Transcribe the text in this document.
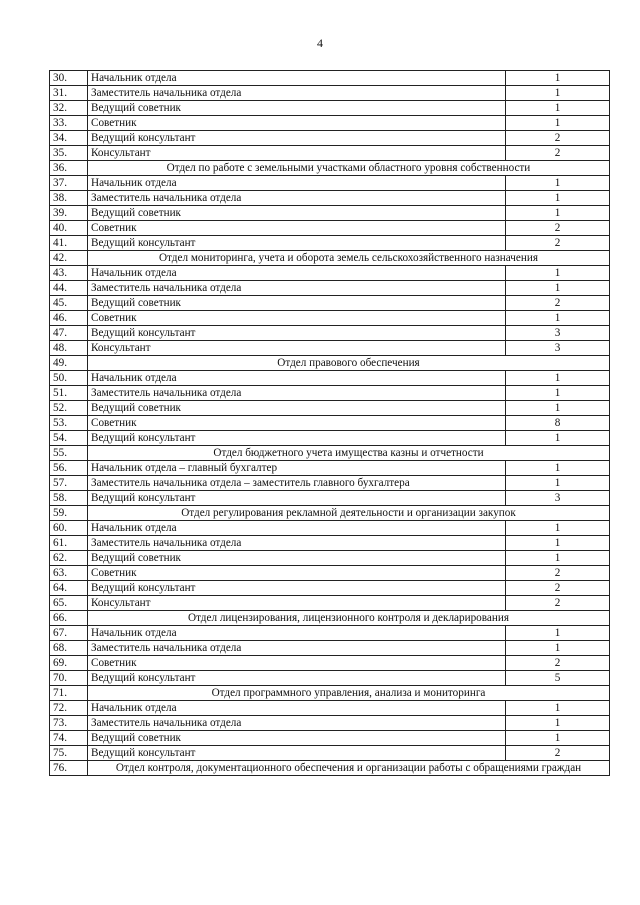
4
30.	Начальник отдела	1
31.	Заместитель начальника отдела	1
32.	Ведущий советник	1
33.	Советник	1
34.	Ведущий консультант	2
35.	Консультант	2
36.	Отдел по работе с земельными участками областного уровня собственности	
37.	Начальник отдела	1
38.	Заместитель начальника отдела	1
39.	Ведущий советник	1
40.	Советник	2
41.	Ведущий консультант	2
42.	Отдел мониторинга, учета и оборота земель сельскохозяйственного назначения	
43.	Начальник отдела	1
44.	Заместитель начальника отдела	1
45.	Ведущий советник	2
46.	Советник	1
47.	Ведущий консультант	3
48.	Консультант	3
49.	Отдел правового обеспечения	
50.	Начальник отдела	1
51.	Заместитель начальника отдела	1
52.	Ведущий советник	1
53.	Советник	8
54.	Ведущий консультант	1
55.	Отдел бюджетного учета имущества казны и отчетности	
56.	Начальник отдела – главный бухгалтер	1
57.	Заместитель начальника отдела – заместитель главного бухгалтера	1
58.	Ведущий консультант	3
59.	Отдел регулирования рекламной деятельности и организации закупок	
60.	Начальник отдела	1
61.	Заместитель начальника отдела	1
62.	Ведущий советник	1
63.	Советник	2
64.	Ведущий консультант	2
65.	Консультант	2
66.	Отдел лицензирования, лицензионного контроля и декларирования	
67.	Начальник отдела	1
68.	Заместитель начальника отдела	1
69.	Советник	2
70.	Ведущий консультант	5
71.	Отдел программного управления, анализа и мониторинга	
72.	Начальник отдела	1
73.	Заместитель начальника отдела	1
74.	Ведущий советник	1
75.	Ведущий консультант	2
76.	Отдел контроля, документационного обеспечения и организации работы с обращениями граждан	
